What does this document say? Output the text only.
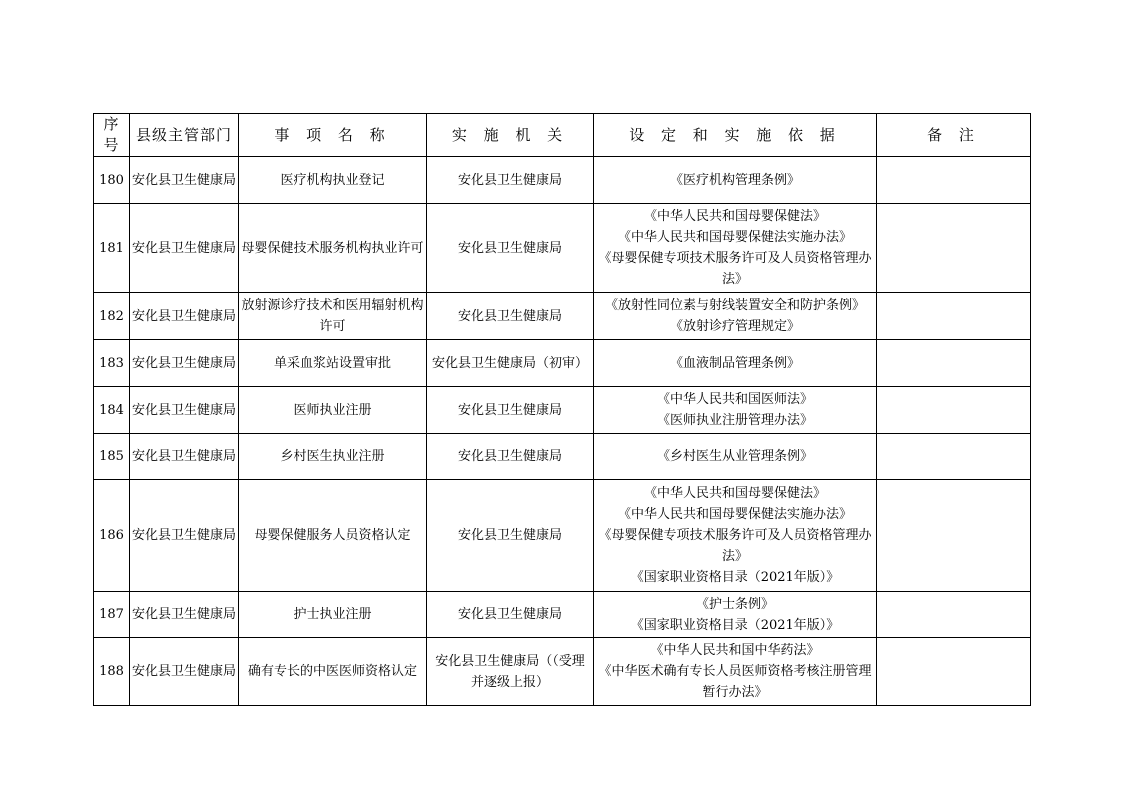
序号	县级主管部门	事 项 名 称	实 施 机 关	设 定 和 实 施 依 据	备 注
180	安化县卫生健康局	医疗机构执业登记	安化县卫生健康局	《医疗机构管理条例》	

181	安化县卫生健康局	母婴保健技术服务机构执业许可	安化县卫生健康局	《中华人民共和国母婴保健法》
《中华人民共和国母婴保健法实施办法》
《母婴保健专项技术服务许可及人员资格管理办法》	

182	安化县卫生健康局	放射源诊疗技术和医用辐射机构许可	安化县卫生健康局	《放射性同位素与射线装置安全和防护条例》
《放射诊疗管理规定》	

183	安化县卫生健康局	单采血浆站设置审批	安化县卫生健康局（初审）	《血液制品管理条例》	

184	安化县卫生健康局	医师执业注册	安化县卫生健康局	《中华人民共和国医师法》
《医师执业注册管理办法》	

185	安化县卫生健康局	乡村医生执业注册	安化县卫生健康局	《乡村医生从业管理条例》	

186	安化县卫生健康局	母婴保健服务人员资格认定	安化县卫生健康局	《中华人民共和国母婴保健法》
《中华人民共和国母婴保健法实施办法》
《母婴保健专项技术服务许可及人员资格管理办法》
《国家职业资格目录（2021年版）》	

187	安化县卫生健康局	护士执业注册	安化县卫生健康局	《护士条例》
《国家职业资格目录（2021年版）》	

188	安化县卫生健康局	确有专长的中医医师资格认定	安化县卫生健康局（（受理并逐级上报）	《中华人民共和国中华药法》
《中华医术确有专长人员医师资格考核注册管理暂行办法》	
